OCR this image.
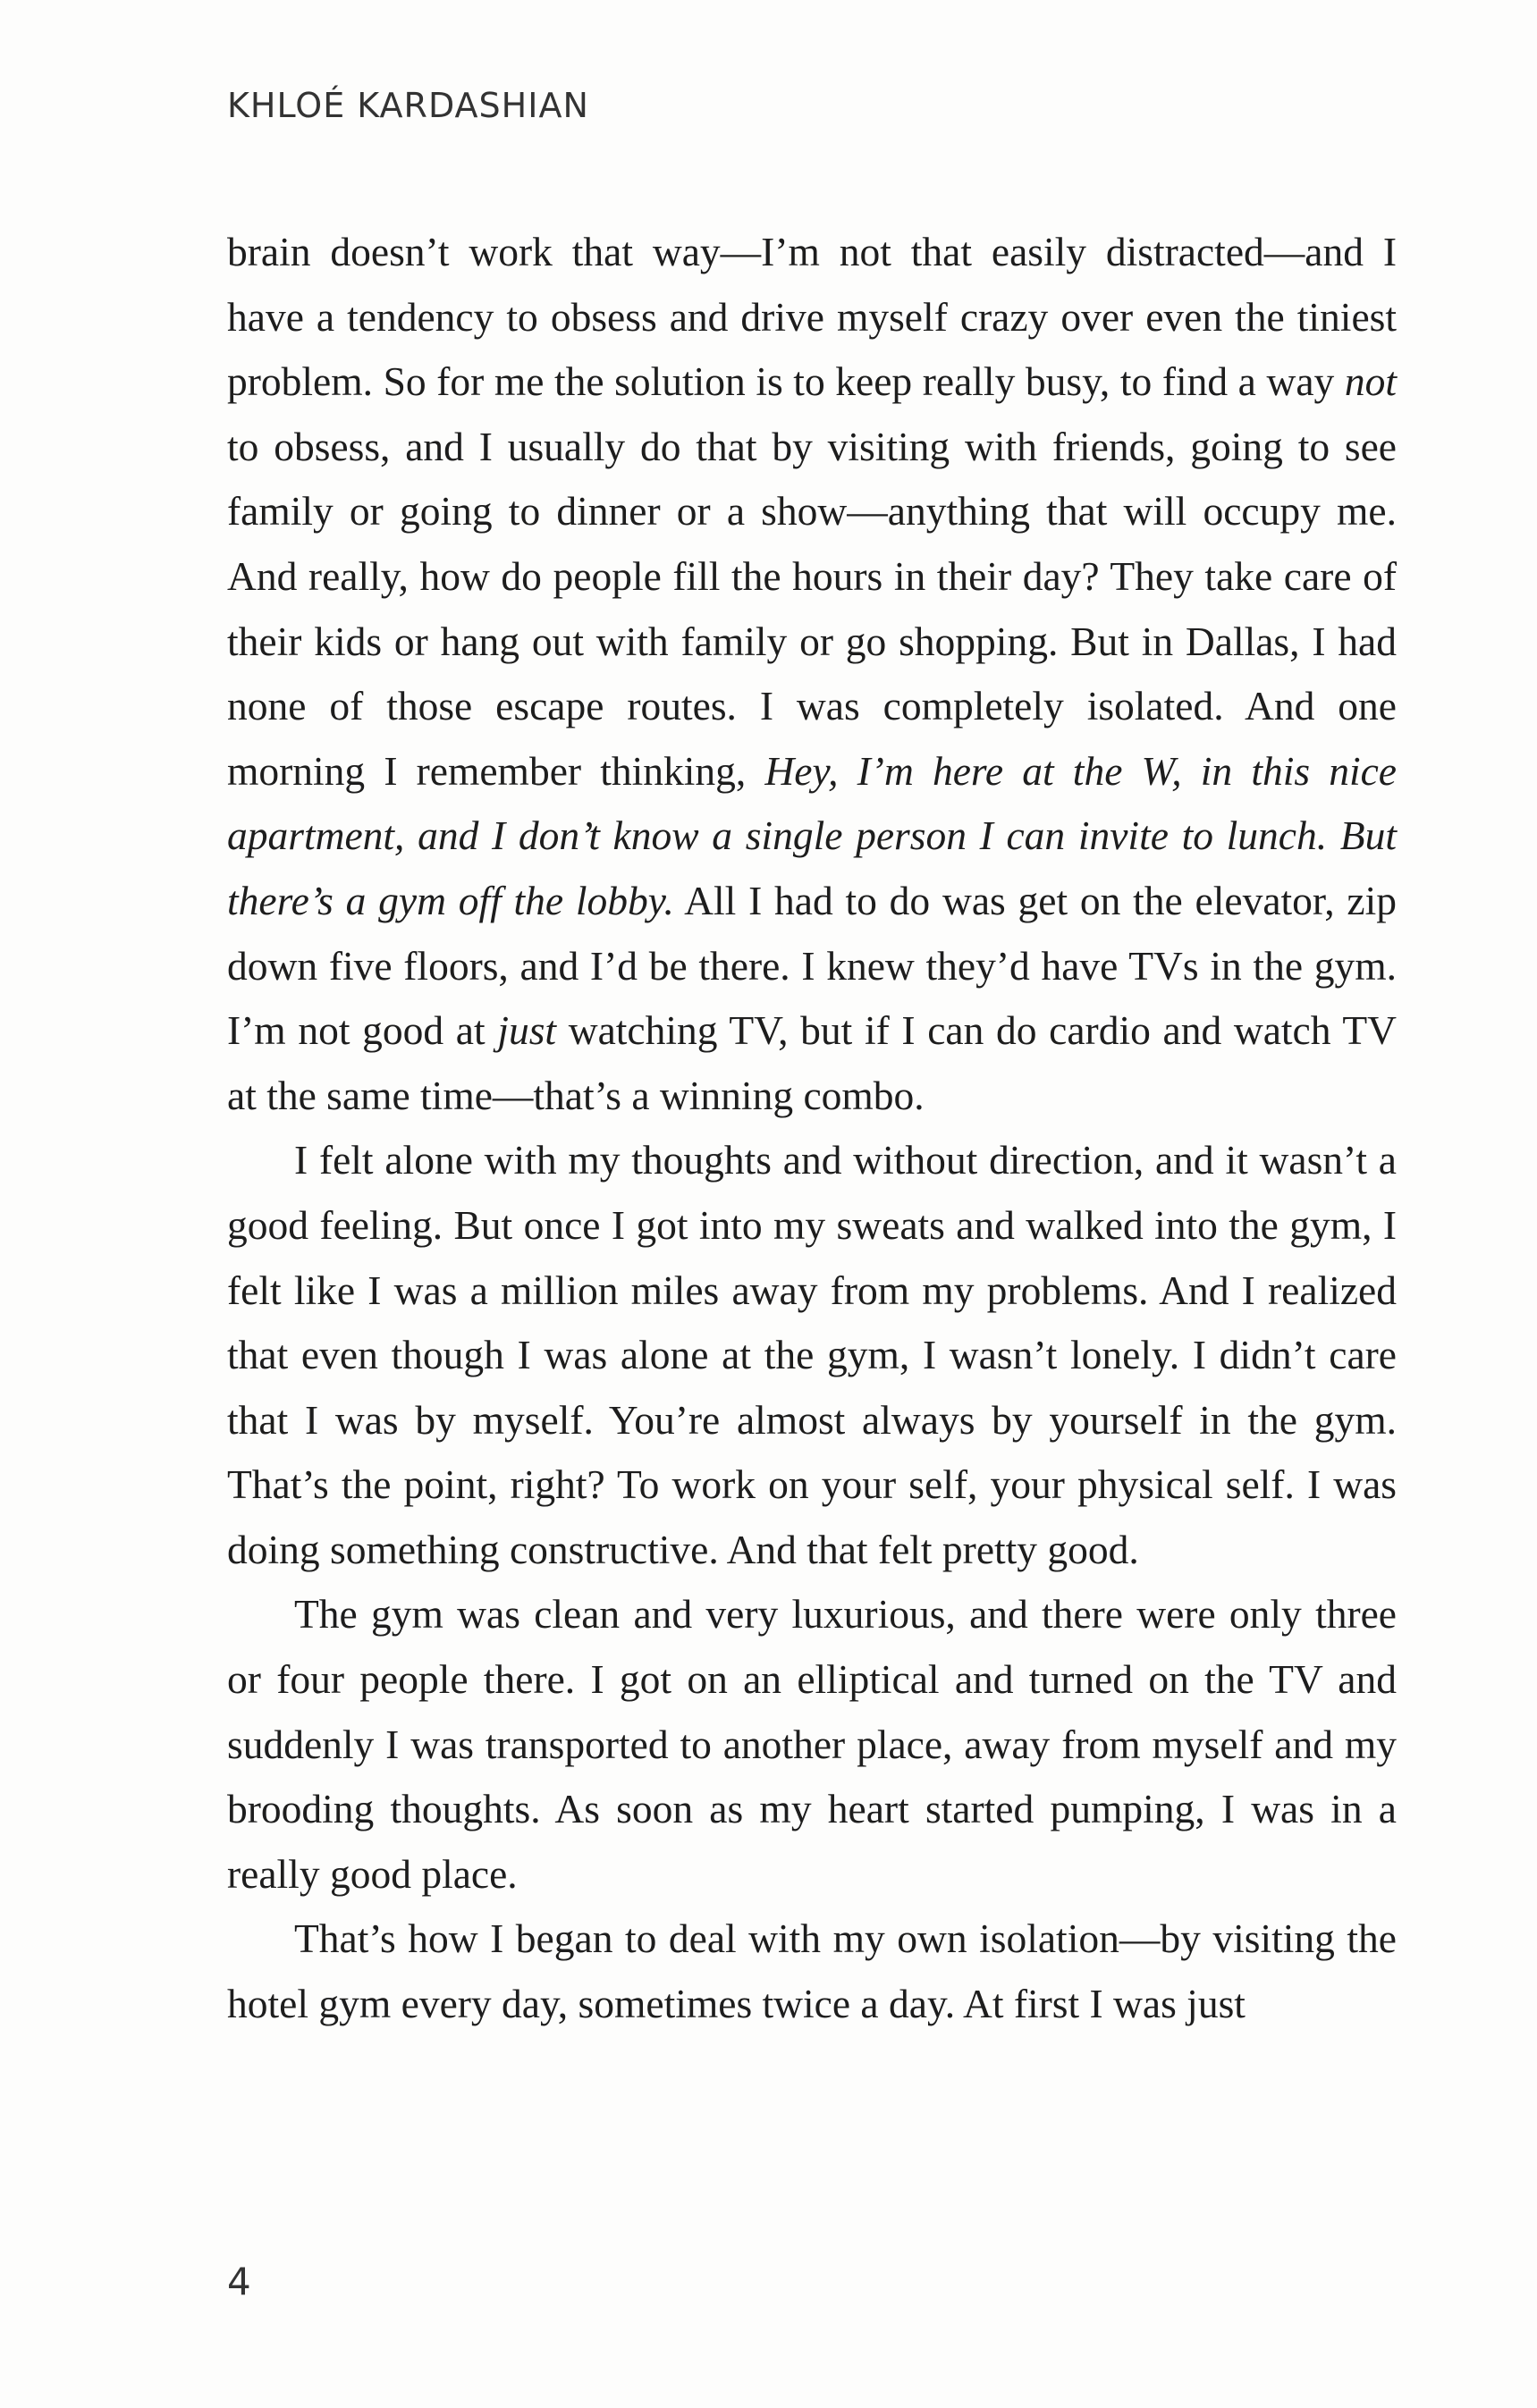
KHLOÉ KARDASHIAN

brain doesn’t work that way—I’m not that easily distracted—and I have a tendency to obsess and drive myself crazy over even the tiniest problem. So for me the solution is to keep really busy, to find a way not to obsess, and I usually do that by visiting with friends, going to see family or going to dinner or a show—anything that will occupy me. And really, how do people fill the hours in their day? They take care of their kids or hang out with family or go shopping. But in Dallas, I had none of those escape routes. I was completely isolated. And one morning I remember thinking, Hey, I’m here at the W, in this nice apartment, and I don’t know a single person I can invite to lunch. But there’s a gym off the lobby. All I had to do was get on the elevator, zip down five floors, and I’d be there. I knew they’d have TVs in the gym. I’m not good at just watching TV, but if I can do cardio and watch TV at the same time—that’s a winning combo.

I felt alone with my thoughts and without direction, and it wasn’t a good feeling. But once I got into my sweats and walked into the gym, I felt like I was a million miles away from my problems. And I realized that even though I was alone at the gym, I wasn’t lonely. I didn’t care that I was by myself. You’re almost always by yourself in the gym. That’s the point, right? To work on your self, your physical self. I was doing something constructive. And that felt pretty good.

The gym was clean and very luxurious, and there were only three or four people there. I got on an elliptical and turned on the TV and suddenly I was transported to another place, away from myself and my brooding thoughts. As soon as my heart started pumping, I was in a really good place.

That’s how I began to deal with my own isolation—by visiting the hotel gym every day, sometimes twice a day. At first I was just

4
